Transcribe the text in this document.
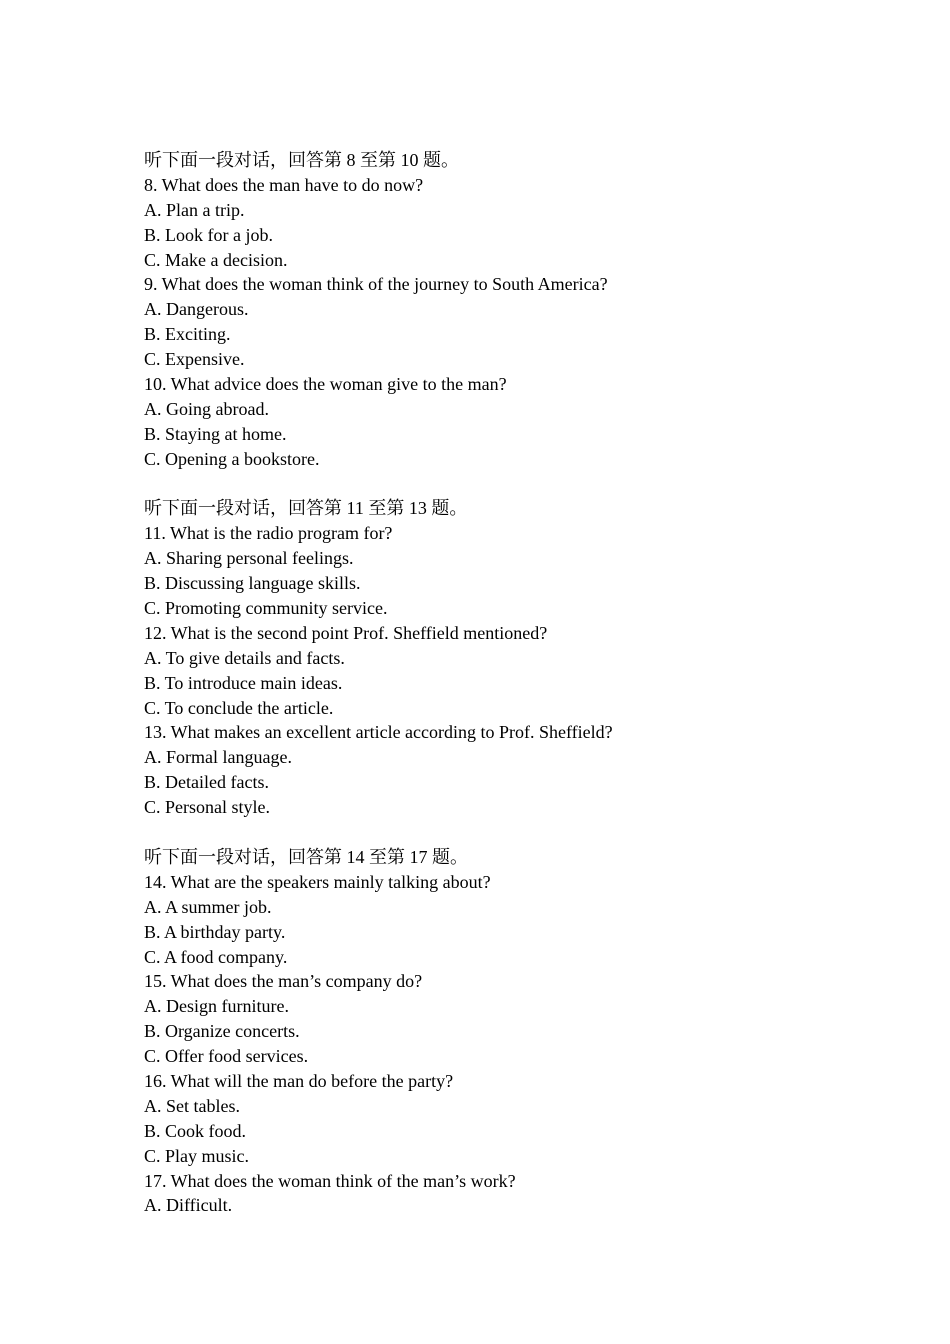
听下面一段对话，回答第 8 至第 10 题。
8. What does the man have to do now?
A. Plan a trip.
B. Look for a job.
C. Make a decision.
9. What does the woman think of the journey to South America?
A. Dangerous.
B. Exciting.
C. Expensive.
10. What advice does the woman give to the man?
A. Going abroad.
B. Staying at home.
C. Opening a bookstore.
听下面一段对话，回答第 11 至第 13 题。
11. What is the radio program for?
A. Sharing personal feelings.
B. Discussing language skills.
C. Promoting community service.
12. What is the second point Prof. Sheffield mentioned?
A. To give details and facts.
B. To introduce main ideas.
C. To conclude the article.
13. What makes an excellent article according to Prof. Sheffield?
A. Formal language.
B. Detailed facts.
C. Personal style.
听下面一段对话，回答第 14 至第 17 题。
14. What are the speakers mainly talking about?
A. A summer job.
B. A birthday party.
C. A food company.
15. What does the man’s company do?
A. Design furniture.
B. Organize concerts.
C. Offer food services.
16. What will the man do before the party?
A. Set tables.
B. Cook food.
C. Play music.
17. What does the woman think of the man’s work?
A. Difficult.
